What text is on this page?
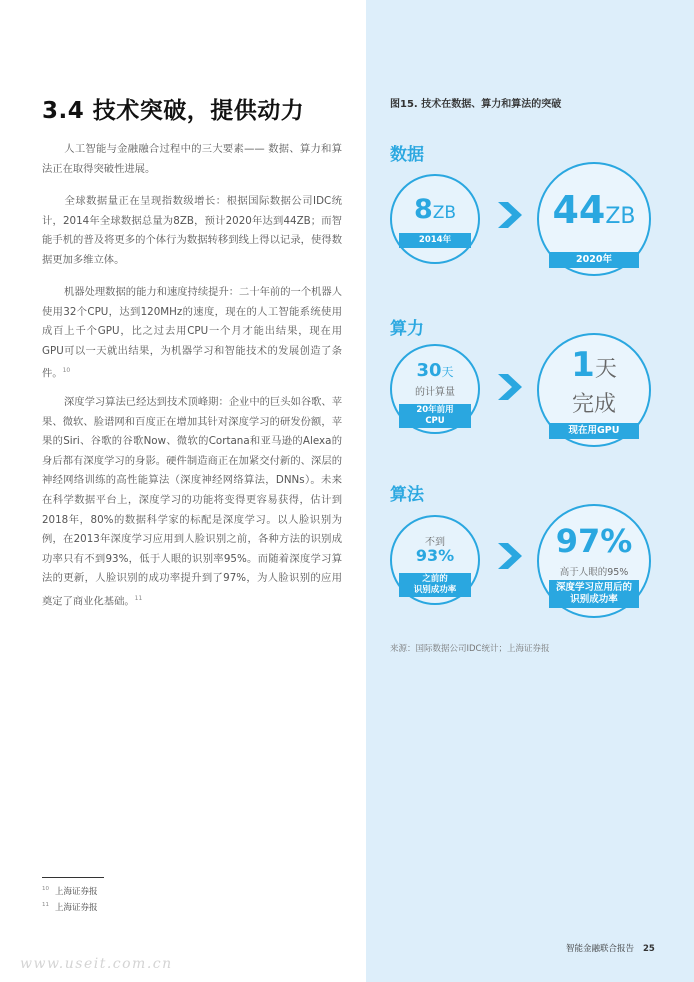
3.4 技术突破，提供动力

人工智能与金融融合过程中的三大要素—— 数据、算力和算法正在取得突破性进展。

全球数据量正在呈现指数级增长：根据国际数据公司IDC统计，2014年全球数据总量为8ZB，预计2020年达到44ZB；而智能手机的普及将更多的个体行为数据转移到线上得以记录，使得数据更加多维立体。

机器处理数据的能力和速度持续提升：二十年前的一个机器人使用32个CPU，达到120MHz的速度，现在的人工智能系统使用成百上千个GPU，比之过去用CPU一个月才能出结果，现在用GPU可以一天就出结果，为机器学习和智能技术的发展创造了条件。$^{10}$

深度学习算法已经达到技术顶峰期：企业中的巨头如谷歌、苹果、微软、脸谱网和百度正在增加其针对深度学习的研发份额，苹果的Siri、谷歌的谷歌Now、微软的Cortana和亚马逊的Alexa的身后都有深度学习的身影。硬件制造商正在加紧交付新的、深层的神经网络训练的高性能算法（深度神经网络算法，DNNs）。未来在科学数据平台上，深度学习的功能将变得更容易获得，估计到2018年，80%的数据科学家的标配是深度学习。以人脸识别为例，在2013年深度学习应用到人脸识别之前，各种方法的识别成功率只有不到93%，低于人眼的识别率95%。而随着深度学习算法的更新，人脸识别的成功率提升到了97%，为人脸识别的应用奠定了商业化基础。$^{11}$

$^{10}$ 上海证券报
$^{11}$ 上海证券报
www.useit.com.cn
图15. 技术在数据、算力和算法的突破
数据
8ZB
2014年
44ZB
2020年
算力
30天
的计算量
20年前用
CPU
1天
完成
现在用GPU
算法
不到
93%
之前的
识别成功率
97%
高于人眼的95%
深度学习应用后的
识别成功率
来源：国际数据公司IDC统计；上海证券报
智能金融联合报告 25
